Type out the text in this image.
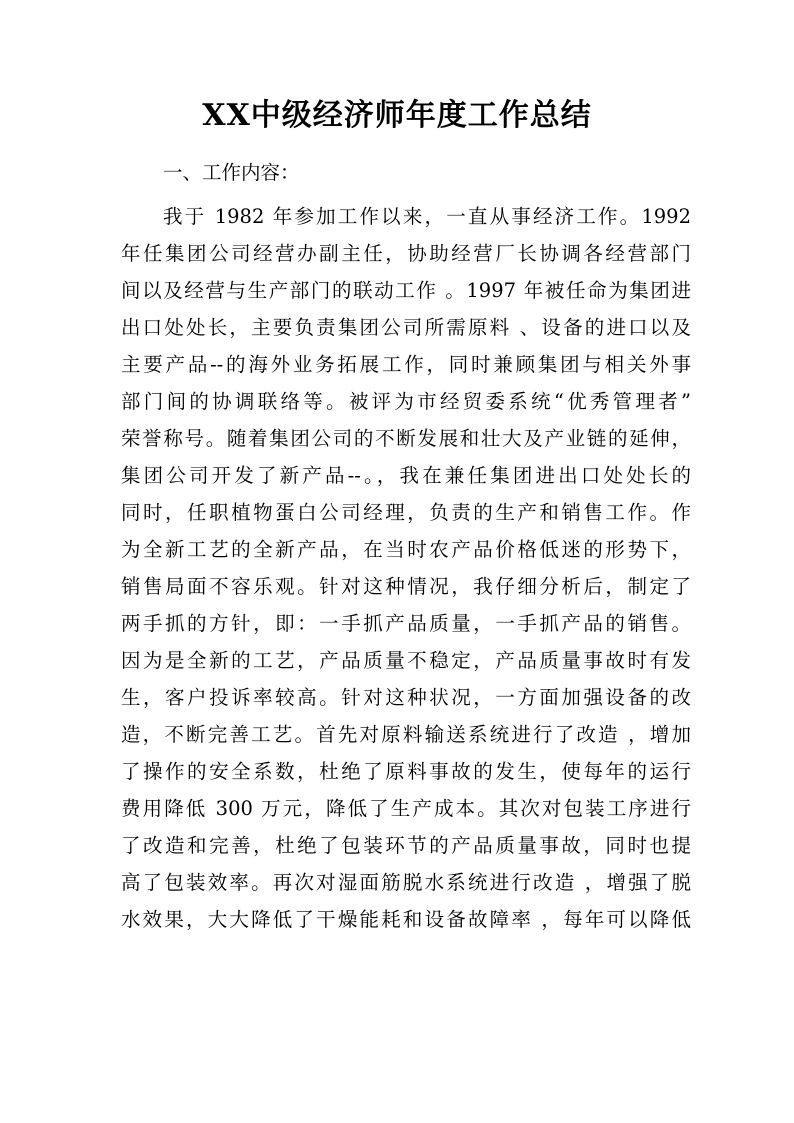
XX中级经济师年度工作总结
一、工作内容：
我于 1982 年参加工作以来，一直从事经济工作。1992
年任集团公司经营办副主任，协助经营厂长协调各经营部门
间以及经营与生产部门的联动工作 。1997 年被任命为集团进
出口处处长，主要负责集团公司所需原料 、设备的进口以及
主要产品--的海外业务拓展工作，同时兼顾集团与相关外事
部门间的协调联络等。被评为市经贸委系统“优秀管理者”
荣誉称号。随着集团公司的不断发展和壮大及产业链的延伸，
集团公司开发了新产品--。，我在兼任集团进出口处处长的
同时，任职植物蛋白公司经理，负责的生产和销售工作。作
为全新工艺的全新产品，在当时农产品价格低迷的形势下，
销售局面不容乐观。针对这种情况，我仔细分析后，制定了
两手抓的方针，即：一手抓产品质量，一手抓产品的销售。
因为是全新的工艺，产品质量不稳定，产品质量事故时有发
生，客户投诉率较高。针对这种状况，一方面加强设备的改
造，不断完善工艺。首先对原料输送系统进行了改造 ，增加
了操作的安全系数，杜绝了原料事故的发生，使每年的运行
费用降低 300 万元，降低了生产成本。其次对包装工序进行
了改造和完善，杜绝了包装环节的产品质量事故，同时也提
高了包装效率。再次对湿面筋脱水系统进行改造 ，增强了脱
水效果，大大降低了干燥能耗和设备故障率 ，每年可以降低
